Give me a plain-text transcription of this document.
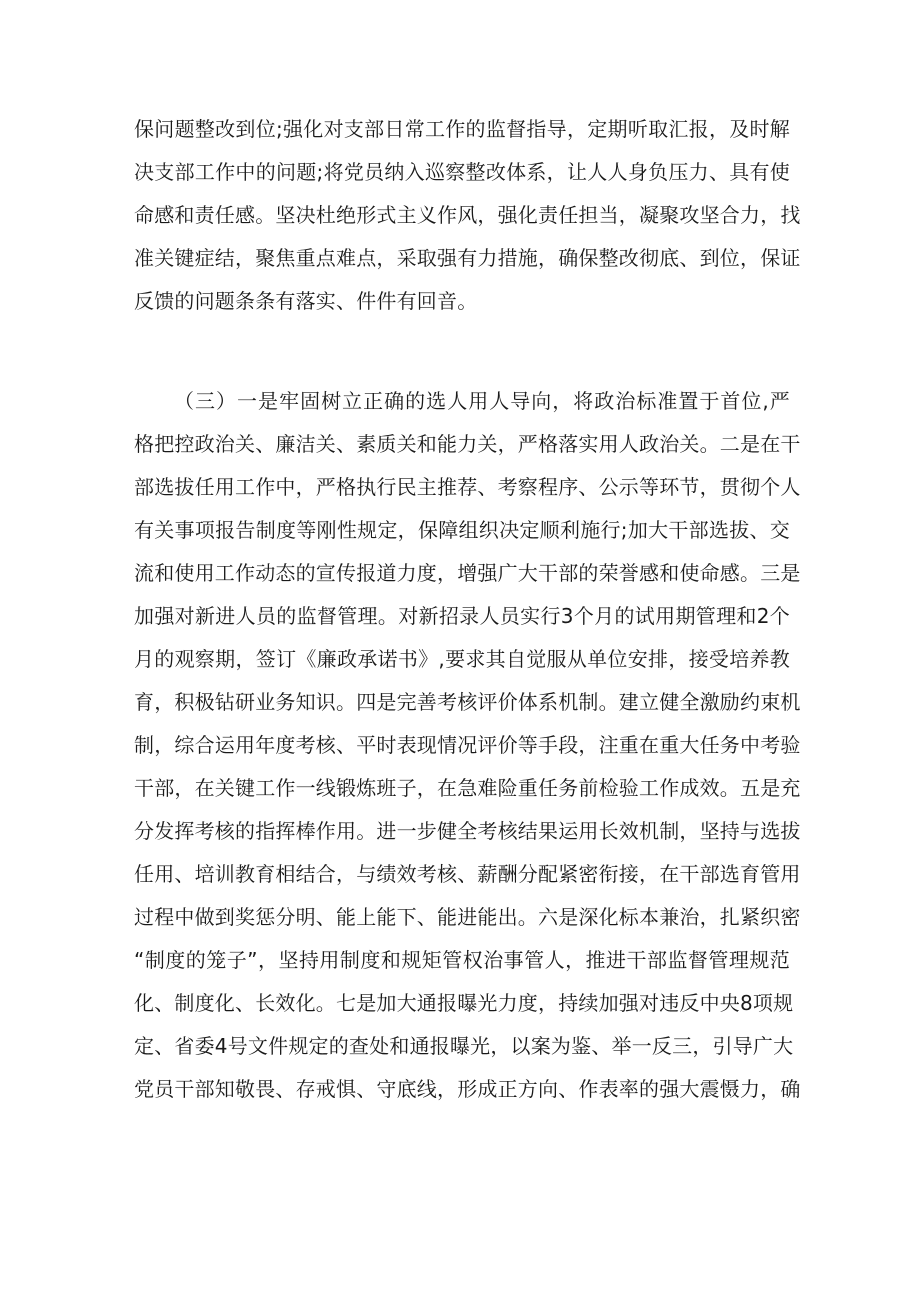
保问题整改到位;强化对支部日常工作的监督指导，定期听取汇报，及时解
决支部工作中的问题;将党员纳入巡察整改体系，让人人身负压力、具有使
命感和责任感。坚决杜绝形式主义作风，强化责任担当，凝聚攻坚合力，找
准关键症结，聚焦重点难点，采取强有力措施，确保整改彻底、到位，保证
反馈的问题条条有落实、件件有回音。
（三）一是牢固树立正确的选人用人导向，将政治标准置于首位,严
格把控政治关、廉洁关、素质关和能力关，严格落实用人政治关。二是在干
部选拔任用工作中，严格执行民主推荐、考察程序、公示等环节，贯彻个人
有关事项报告制度等刚性规定，保障组织决定顺利施行;加大干部选拔、交
流和使用工作动态的宣传报道力度，增强广大干部的荣誉感和使命感。三是
加强对新进人员的监督管理。对新招录人员实行3个月的试用期管理和2个
月的观察期，签订《廉政承诺书》,要求其自觉服从单位安排，接受培养教
育，积极钻研业务知识。四是完善考核评价体系机制。建立健全激励约束机
制，综合运用年度考核、平时表现情况评价等手段，注重在重大任务中考验
干部，在关键工作一线锻炼班子，在急难险重任务前检验工作成效。五是充
分发挥考核的指挥棒作用。进一步健全考核结果运用长效机制，坚持与选拔
任用、培训教育相结合，与绩效考核、薪酬分配紧密衔接，在干部选育管用
过程中做到奖惩分明、能上能下、能进能出。六是深化标本兼治，扎紧织密
“制度的笼子”，坚持用制度和规矩管权治事管人，推进干部监督管理规范
化、制度化、长效化。七是加大通报曝光力度，持续加强对违反中央8项规
定、省委4号文件规定的查处和通报曝光，以案为鉴、举一反三，引导广大
党员干部知敬畏、存戒惧、守底线，形成正方向、作表率的强大震慑力，确
